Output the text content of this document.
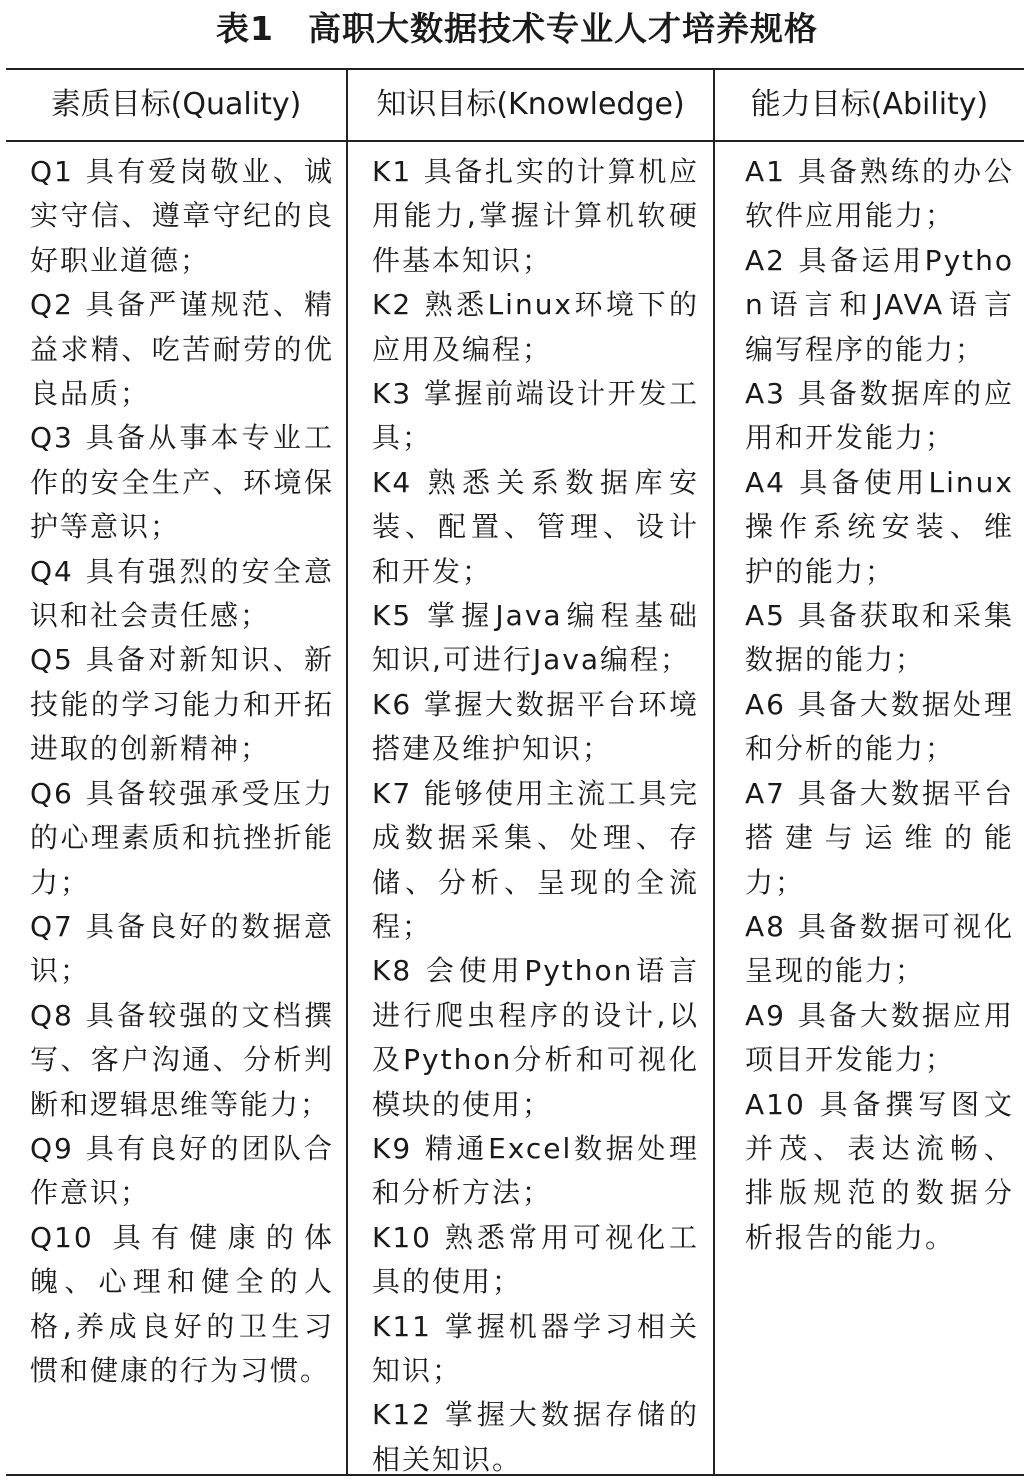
表1　高职大数据技术专业人才培养规格
素质目标(Quality)

Q1 具有爱岗敬业、诚实守信、遵章守纪的良好职业道德；

Q2 具备严谨规范、精益求精、吃苦耐劳的优良品质；

Q3 具备从事本专业工作的安全生产、环境保护等意识；

Q4 具有强烈的安全意识和社会责任感；

Q5 具备对新知识、新技能的学习能力和开拓进取的创新精神；

Q6 具备较强承受压力的心理素质和抗挫折能力；

Q7 具备良好的数据意识；

Q8 具备较强的文档撰写、客户沟通、分析判断和逻辑思维等能力；

Q9 具有良好的团队合作意识；

Q10 具有健康的体魄、心理和健全的人格,养成良好的卫生习惯和健康的行为习惯。

知识目标(Knowledge)

K1 具备扎实的计算机应用能力,掌握计算机软硬件基本知识；

K2 熟悉Linux环境下的应用及编程；

K3 掌握前端设计开发工具；

K4 熟悉关系数据库安装、配置、管理、设计和开发；

K5 掌握Java编程基础知识,可进行Java编程；

K6 掌握大数据平台环境搭建及维护知识；

K7 能够使用主流工具完成数据采集、处理、存储、分析、呈现的全流程；

K8 会使用Python语言进行爬虫程序的设计,以及Python分析和可视化模块的使用；

K9 精通Excel数据处理和分析方法；

K10 熟悉常用可视化工具的使用；

K11 掌握机器学习相关知识；

K12 掌握大数据存储的相关知识。

能力目标(Ability)

A1 具备熟练的办公软件应用能力；

A2 具备运用Python语言和JAVA语言编写程序的能力；

A3 具备数据库的应用和开发能力；

A4 具备使用Linux操作系统安装、维护的能力；

A5 具备获取和采集数据的能力；

A6 具备大数据处理和分析的能力；

A7 具备大数据平台搭建与运维的能力；

A8 具备数据可视化呈现的能力；

A9 具备大数据应用项目开发能力；

A10 具备撰写图文并茂、表达流畅、排版规范的数据分析报告的能力。
